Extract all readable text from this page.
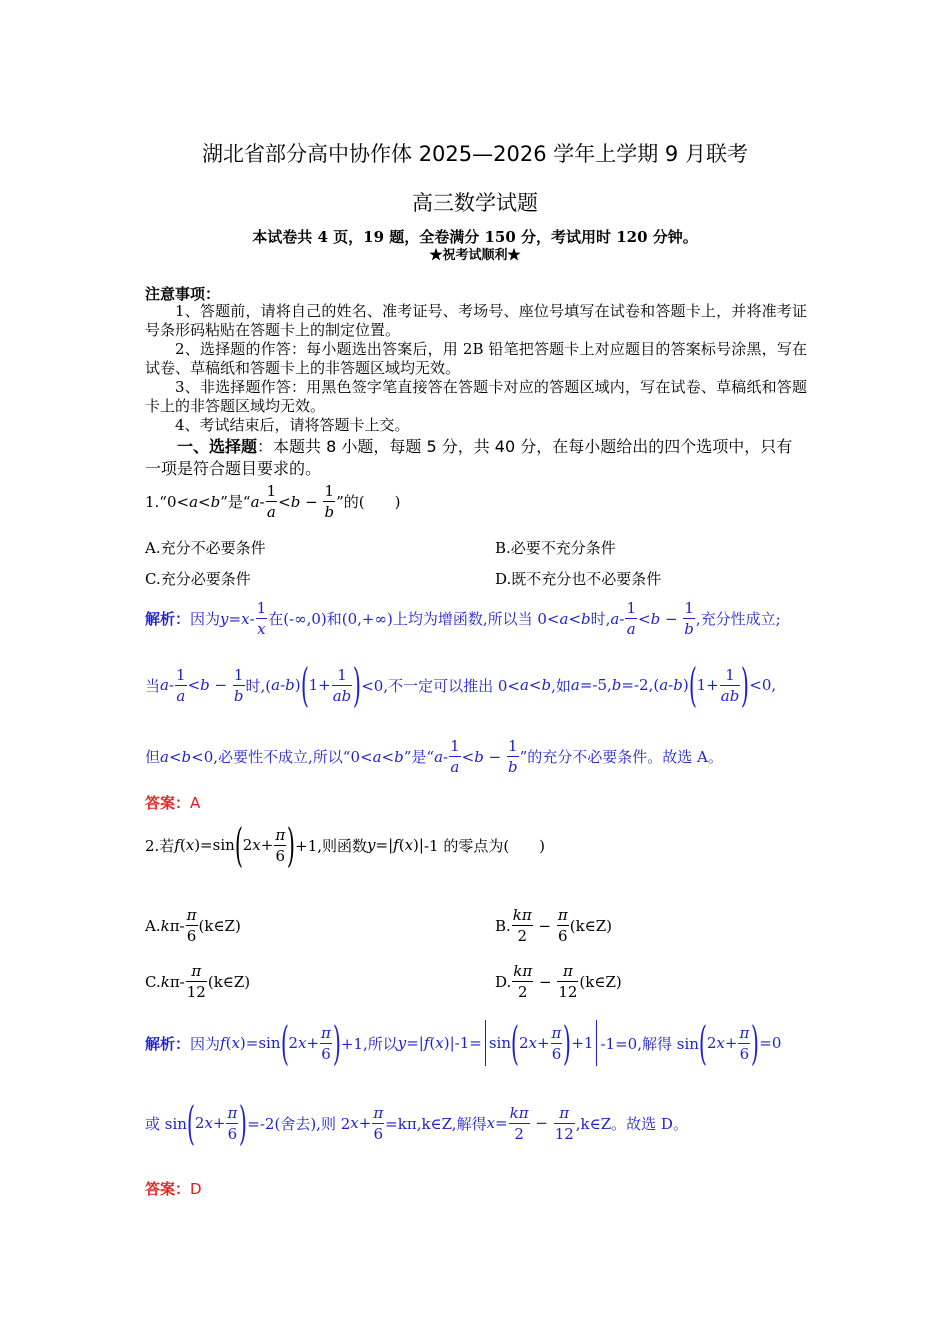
湖北省部分高中协作体 2025—2026 学年上学期 9 月联考
高三数学试题
本试卷共 4 页，19 题，全卷满分 150 分，考试用时 120 分钟。
★祝考试顺利★
注意事项：
1、答题前，请将自己的姓名、准考证号、考场号、座位号填写在试卷和答题卡上，并将准考证号条形码粘贴在答题卡上的制定位置。
2、选择题的作答：每小题选出答案后，用 2B 铅笔把答题卡上对应题目的答案标号涂黑，写在试卷、草稿纸和答题卡上的非答题区域均无效。
3、非选择题作答：用黑色签字笔直接答在答题卡对应的答题区域内，写在试卷、草稿纸和答题卡上的非答题区域均无效。
4、考试结束后，请将答题卡上交。
一、选择题：本题共 8 小题，每题 5 分，共 40 分，在每小题给出的四个选项中，只有一项是符合题目要求的。
1.“0< a < b ”是“ $a - \frac{1}{a} < b - \frac{1}{b}$ ”的(　　)
A.充分不必要条件	B.必要不充分条件
C.充分必要条件	D.既不充分也不必要条件
解析： 因为 $y = x - \frac{1}{x}$ 在(-∞,0)和(0,+∞)上均为增函数,所以当 0< a < b 时, $a - \frac{1}{a} < b - \frac{1}{b}$ ,充分性成立;
当 $a - \frac{1}{a} < b - \frac{1}{b}$ 时,( a - b ) ( $1+ \frac{1}{ab}$ ) <0,不一定可以推出 0< a < b ,如 a =-5, b =-2,( a - b ) ( $1+ \frac{1}{ab}$ ) <0,
但 a < b <0,必要性不成立,所以“0< a < b ”是“ $a - \frac{1}{a} < b - \frac{1}{b}$ ”的充分不必要条件。故选 A。
答案：A
2.若 f ( x )=sin ( 2 $x + \frac{\pi}{6}$ ) +1,则函数 y =| f ( x )| -1 的零点为(　　)
A. k $\pi- \frac{\pi}{6}$ (k∈Z)	B. $\frac{k\pi}{2} - \frac{\pi}{6}$ (k∈Z)
C. k $\pi- \frac{\pi}{12}$ (k∈Z)	D. $\frac{k\pi}{2} - \frac{\pi}{12}$ (k∈Z)
解析： 因为 f ( x )=sin ( 2 $x + \frac{\pi}{6}$ ) +1,所以 y =| f ( x )|-1=
sin ( 2 $x + \frac{\pi}{6}$ ) +1 -1=0,解得 sin ( 2 $x + \frac{\pi}{6}$ ) =0
或 sin ( 2 $x + \frac{\pi}{6}$ ) =-2(舍去),则 2 $x + \frac{\pi}{6}$ =kπ,k∈Z,解得 $x = \frac{k\pi}{2} - \frac{\pi}{12}$ ,k∈Z。故选 D。
答案：D
